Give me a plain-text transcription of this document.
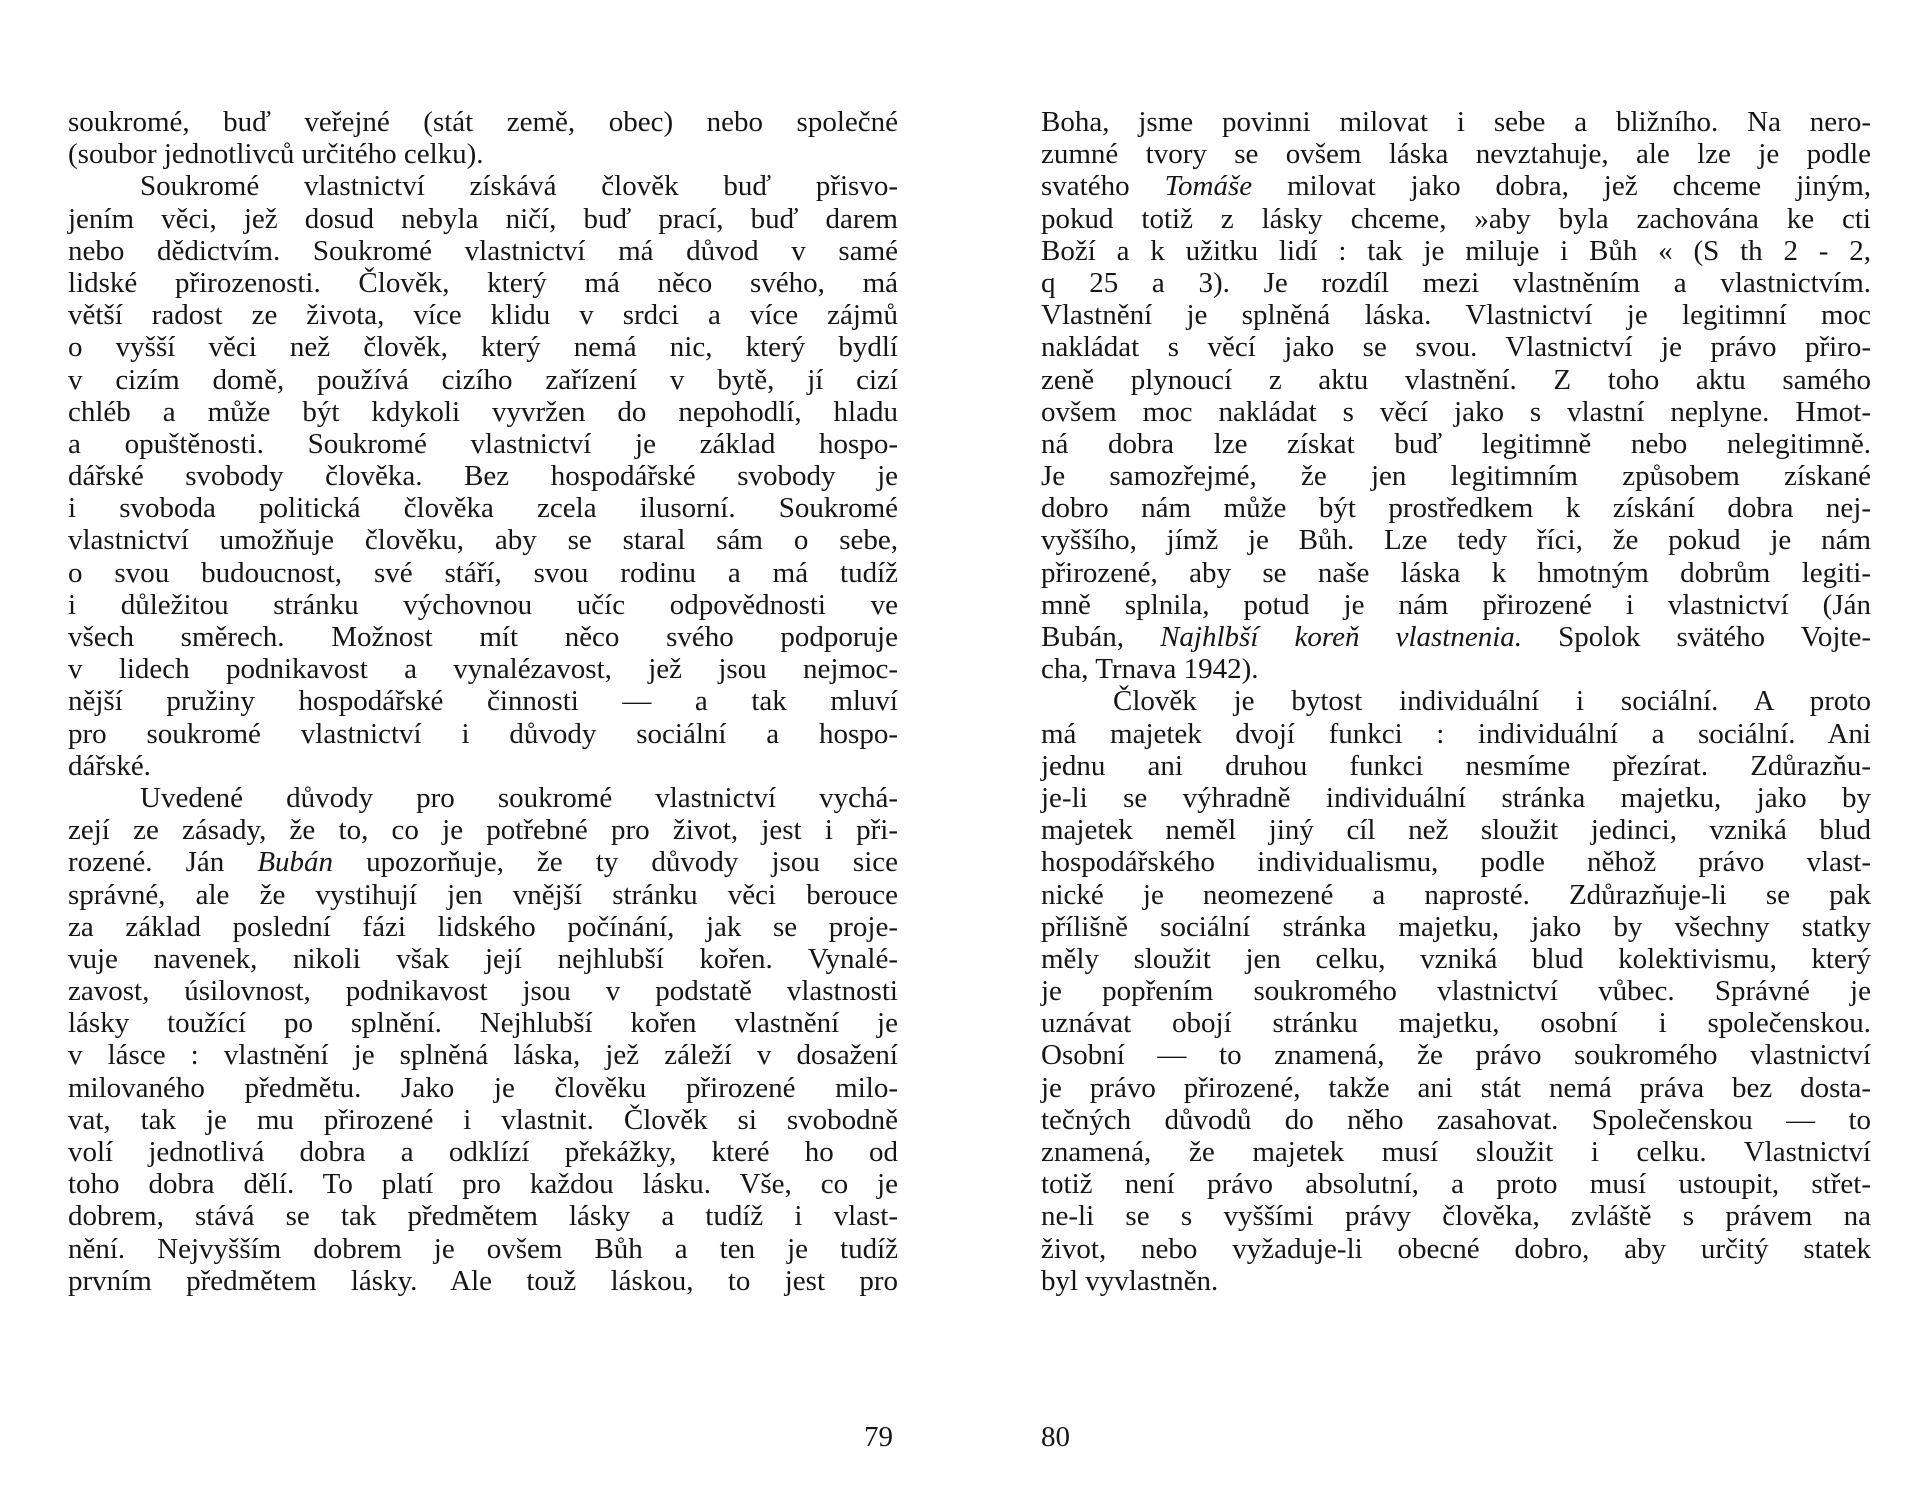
soukromé, buď veřejné (stát země, obec) nebo společné
(soubor jednotlivců určitého celku).
Soukromé vlastnictví získává člověk buď přisvo-
jením věci, jež dosud nebyla ničí, buď prací, buď darem
nebo dědictvím. Soukromé vlastnictví má důvod v samé
lidské přirozenosti. Člověk, který má něco svého, má
větší radost ze života, více klidu v srdci a více zájmů
o vyšší věci než člověk, který nemá nic, který bydlí
v cizím domě, používá cizího zařízení v bytě, jí cizí
chléb a může být kdykoli vyvržen do nepohodlí, hladu
a opuštěnosti. Soukromé vlastnictví je základ hospo-
dářské svobody člověka. Bez hospodářské svobody je
i svoboda politická člověka zcela ilusorní. Soukromé
vlastnictví umožňuje člověku, aby se staral sám o sebe,
o svou budoucnost, své stáří, svou rodinu a má tudíž
i důležitou stránku výchovnou učíc odpovědnosti ve
všech směrech. Možnost mít něco svého podporuje
v lidech podnikavost a vynalézavost, jež jsou nejmoc-
nější pružiny hospodářské činnosti — a tak mluví
pro soukromé vlastnictví i důvody sociální a hospo-
dářské.
Uvedené důvody pro soukromé vlastnictví vychá-
zejí ze zásady, že to, co je potřebné pro život, jest i při-
rozené. Ján Bubán upozorňuje, že ty důvody jsou sice
správné, ale že vystihují jen vnější stránku věci berouce
za základ poslední fázi lidského počínání, jak se proje-
vuje navenek, nikoli však její nejhlubší kořen. Vynalé-
zavost, úsilovnost, podnikavost jsou v podstatě vlastnosti
lásky toužící po splnění. Nejhlubší kořen vlastnění je
v lásce : vlastnění je splněná láska, jež záleží v dosažení
milovaného předmětu. Jako je člověku přirozené milo-
vat, tak je mu přirozené i vlastnit. Člověk si svobodně
volí jednotlivá dobra a odklízí překážky, které ho od
toho dobra dělí. To platí pro každou lásku. Vše, co je
dobrem, stává se tak předmětem lásky a tudíž i vlast-
nění. Nejvyšším dobrem je ovšem Bůh a ten je tudíž
prvním předmětem lásky. Ale touž láskou, to jest pro

79

Boha, jsme povinni milovat i sebe a bližního. Na nero-
zumné tvory se ovšem láska nevztahuje, ale lze je podle
svatého Tomáše milovat jako dobra, jež chceme jiným,
pokud totiž z lásky chceme, »aby byla zachována ke cti
Boží a k užitku lidí : tak je miluje i Bůh « (S th 2 - 2,
q 25 a 3). Je rozdíl mezi vlastněním a vlastnictvím.
Vlastnění je splněná láska. Vlastnictví je legitimní moc
nakládat s věcí jako se svou. Vlastnictví je právo přiro-
zeně plynoucí z aktu vlastnění. Z toho aktu samého
ovšem moc nakládat s věcí jako s vlastní neplyne. Hmot-
ná dobra lze získat buď legitimně nebo nelegitimně.
Je samozřejmé, že jen legitimním způsobem získané
dobro nám může být prostředkem k získání dobra nej-
vyššího, jímž je Bůh. Lze tedy říci, že pokud je nám
přirozené, aby se naše láska k hmotným dobrům legiti-
mně splnila, potud je nám přirozené i vlastnictví (Ján
Bubán, Najhlbší koreň vlastnenia. Spolok svätého Vojte-
cha, Trnava 1942).
Člověk je bytost individuální i sociální. A proto
má majetek dvojí funkci : individuální a sociální. Ani
jednu ani druhou funkci nesmíme přezírat. Zdůrazňu-
je-li se výhradně individuální stránka majetku, jako by
majetek neměl jiný cíl než sloužit jedinci, vzniká blud
hospodářského individualismu, podle něhož právo vlast-
nické je neomezené a naprosté. Zdůrazňuje-li se pak
přílišně sociální stránka majetku, jako by všechny statky
měly sloužit jen celku, vzniká blud kolektivismu, který
je popřením soukromého vlastnictví vůbec. Správné je
uznávat obojí stránku majetku, osobní i společenskou.
Osobní — to znamená, že právo soukromého vlastnictví
je právo přirozené, takže ani stát nemá práva bez dosta-
tečných důvodů do něho zasahovat. Společenskou — to
znamená, že majetek musí sloužit i celku. Vlastnictví
totiž není právo absolutní, a proto musí ustoupit, střet-
ne-li se s vyššími právy člověka, zvláště s právem na
život, nebo vyžaduje-li obecné dobro, aby určitý statek
byl vyvlastněn.

80
